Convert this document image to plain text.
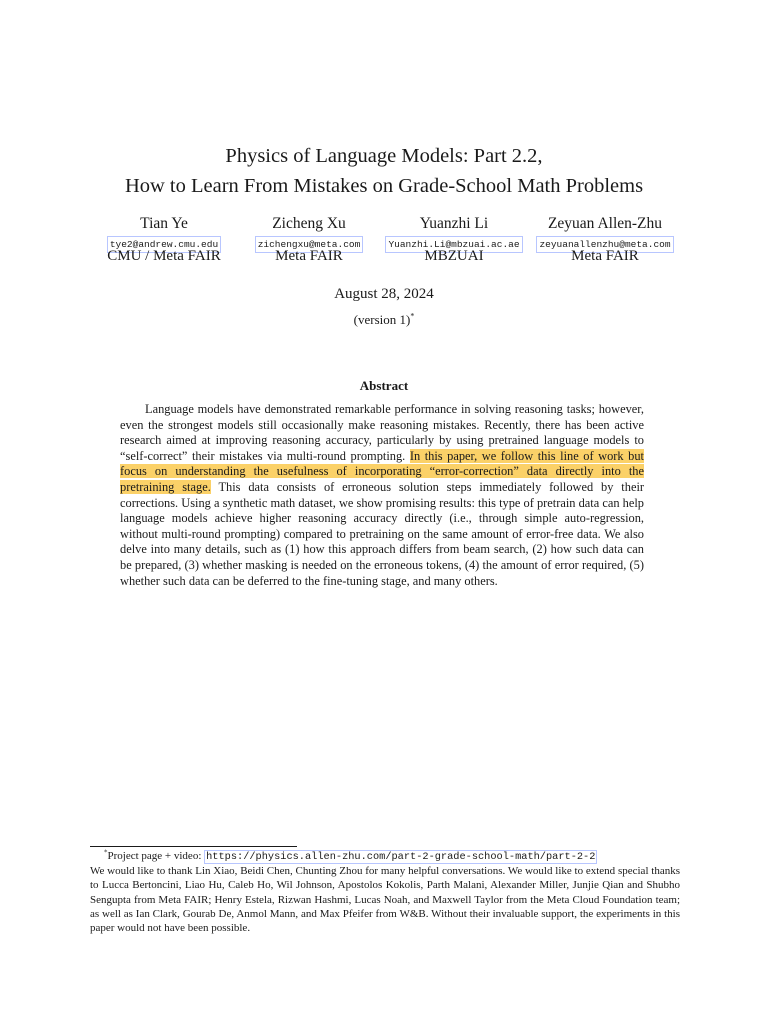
Physics of Language Models: Part 2.2,
How to Learn From Mistakes on Grade-School Math Problems
Tian Ye
tye2@andrew.cmu.edu
CMU / Meta FAIR
Zicheng Xu
zichengxu@meta.com
Meta FAIR
Yuanzhi Li
Yuanzhi.Li@mbzuai.ac.ae
MBZUAI
Zeyuan Allen-Zhu
zeyuanallenzhu@meta.com
Meta FAIR
August 28, 2024
(version 1)*
Abstract
Language models have demonstrated remarkable performance in solving reasoning tasks; however, even the strongest models still occasionally make reasoning mistakes. Recently, there has been active research aimed at improving reasoning accuracy, particularly by using pretrained language models to “self-correct” their mistakes via multi-round prompting. In this paper, we follow this line of work but focus on understanding the usefulness of incorporating “error-correction” data directly into the pretraining stage. This data consists of erroneous solution steps immediately followed by their corrections. Using a synthetic math dataset, we show promising results: this type of pretrain data can help language models achieve higher reasoning accuracy directly (i.e., through simple auto-regression, without multi-round prompting) compared to pretraining on the same amount of error-free data. We also delve into many details, such as (1) how this approach differs from beam search, (2) how such data can be prepared, (3) whether masking is needed on the erroneous tokens, (4) the amount of error required, (5) whether such data can be deferred to the fine-tuning stage, and many others.
*Project page + video: https://physics.allen-zhu.com/part-2-grade-school-math/part-2-2
We would like to thank Lin Xiao, Beidi Chen, Chunting Zhou for many helpful conversations. We would like to extend special thanks to Lucca Bertoncini, Liao Hu, Caleb Ho, Wil Johnson, Apostolos Kokolis, Parth Malani, Alexander Miller, Junjie Qian and Shubho Sengupta from Meta FAIR; Henry Estela, Rizwan Hashmi, Lucas Noah, and Maxwell Taylor from the Meta Cloud Foundation team; as well as Ian Clark, Gourab De, Anmol Mann, and Max Pfeifer from W&B. Without their invaluable support, the experiments in this paper would not have been possible.
